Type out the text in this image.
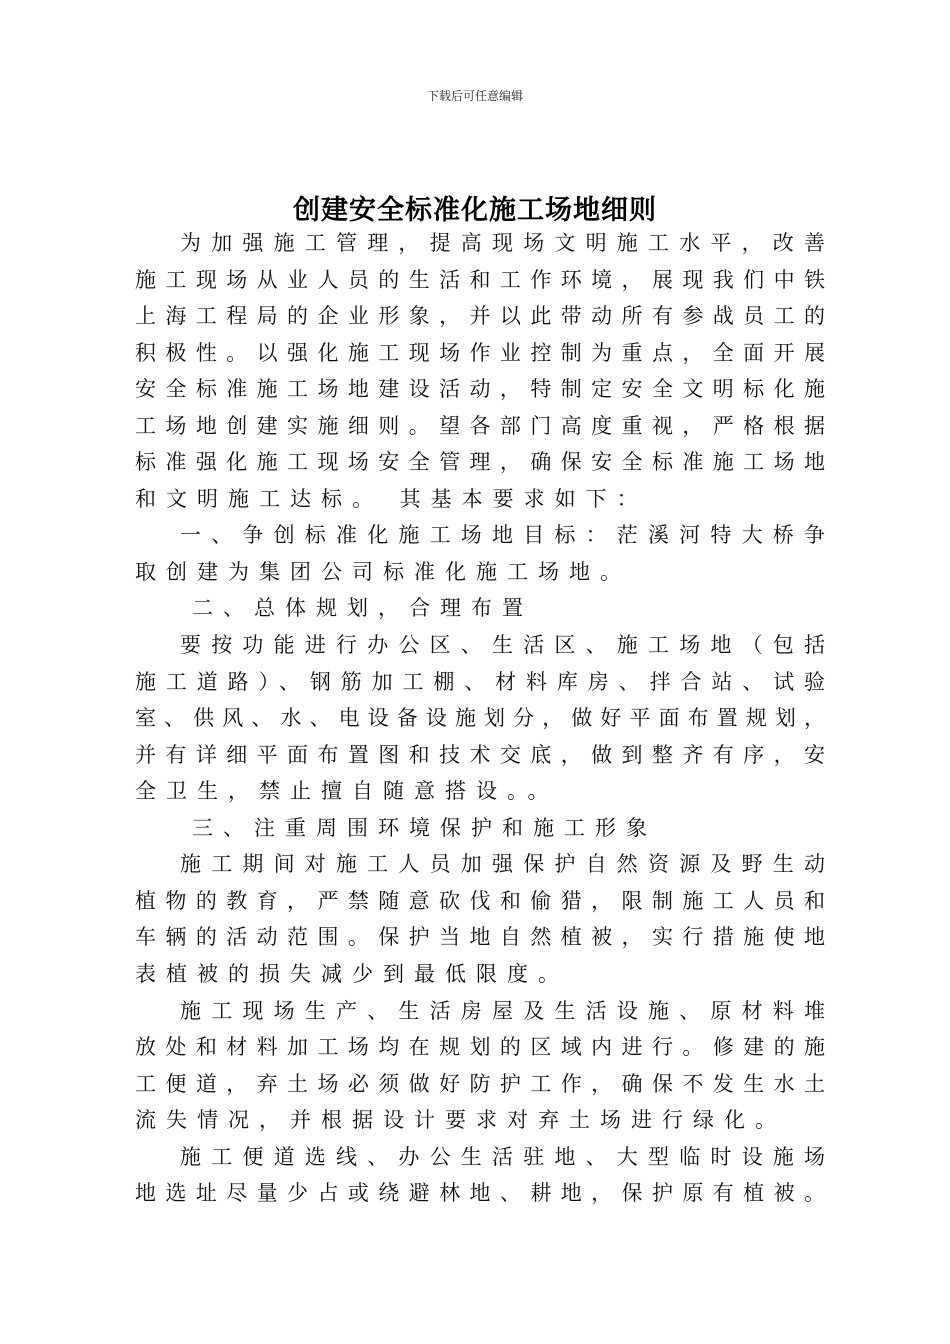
下载后可任意编辑
创建安全标准化施工场地细则
为加强施工管理，提高现场文明施工水平，改善
施工现场从业人员的生活和工作环境，展现我们中铁
上海工程局的企业形象，并以此带动所有参战员工的
积极性。以强化施工现场作业控制为重点，全面开展
安全标准施工场地建设活动，特制定安全文明标化施
工场地创建实施细则。望各部门高度重视，严格根据
标准强化施工现场安全管理，确保安全标准施工场地
和文明施工达标。 其基本要求如下：
一、争创标准化施工场地目标：茫溪河特大桥争
取创建为集团公司标准化施工场地。
二、总体规划，合理布置
要按功能进行办公区、生活区、施工场地（包括
施工道路）、钢筋加工棚、材料库房、拌合站、试验
室、供风、水、电设备设施划分，做好平面布置规划，
并有详细平面布置图和技术交底，做到整齐有序，安
全卫生，禁止擅自随意搭设。。
三、注重周围环境保护和施工形象
施工期间对施工人员加强保护自然资源及野生动
植物的教育，严禁随意砍伐和偷猎，限制施工人员和
车辆的活动范围。保护当地自然植被，实行措施使地
表植被的损失减少到最低限度。
施工现场生产、生活房屋及生活设施、原材料堆
放处和材料加工场均在规划的区域内进行。修建的施
工便道，弃土场必须做好防护工作，确保不发生水土
流失情况，并根据设计要求对弃土场进行绿化。
施工便道选线、办公生活驻地、大型临时设施场
地选址尽量少占或绕避林地、耕地，保护原有植被。
